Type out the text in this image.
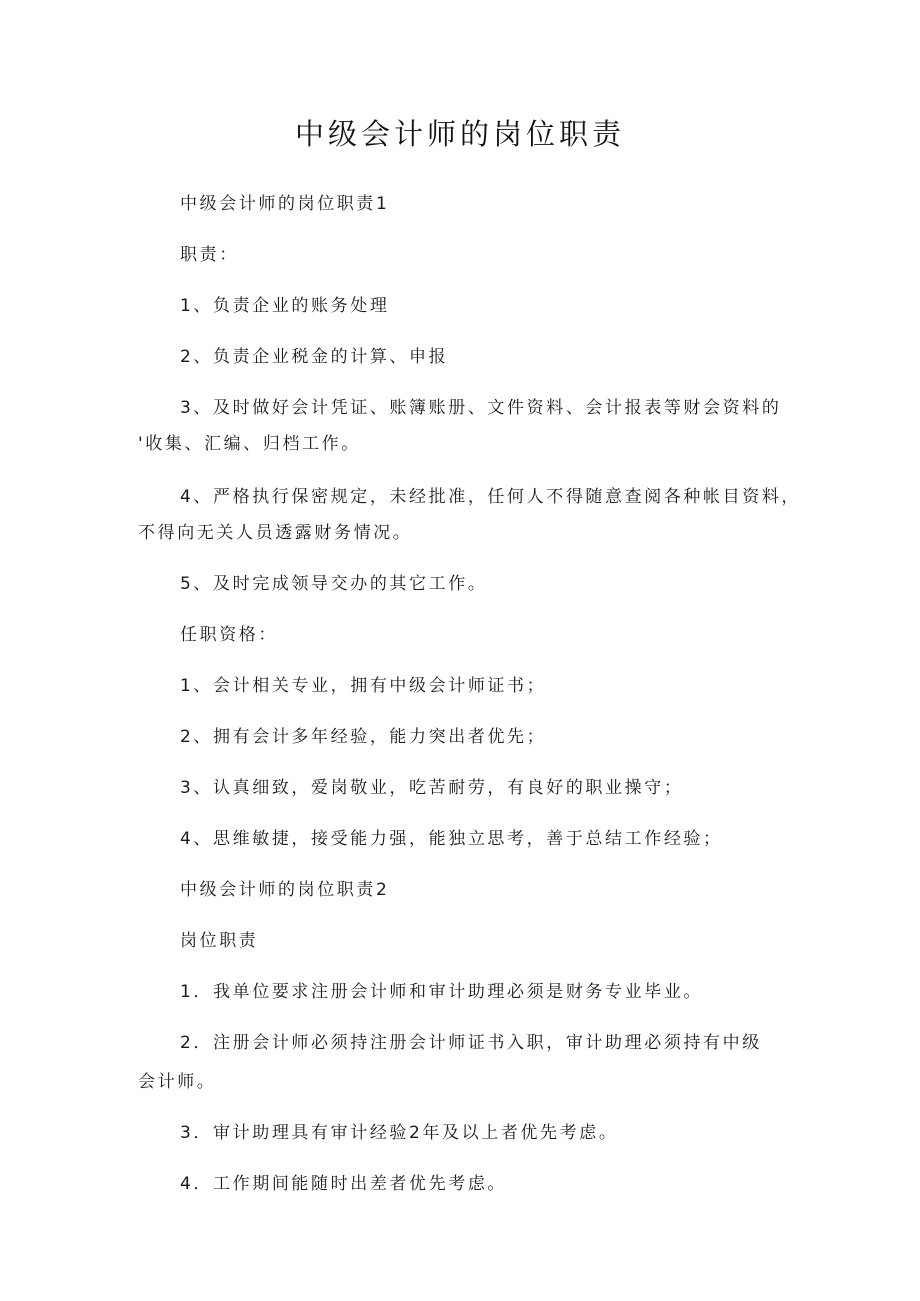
中级会计师的岗位职责
中级会计师的岗位职责1
职责：
1、负责企业的账务处理
2、负责企业税金的计算、申报
3、及时做好会计凭证、账簿账册、文件资料、会计报表等财会资料的
'收集、汇编、归档工作。
4、严格执行保密规定，未经批准，任何人不得随意查阅各种帐目资料，
不得向无关人员透露财务情况。
5、及时完成领导交办的其它工作。
任职资格：
1、会计相关专业，拥有中级会计师证书；
2、拥有会计多年经验，能力突出者优先；
3、认真细致，爱岗敬业，吃苦耐劳，有良好的职业操守；
4、思维敏捷，接受能力强，能独立思考，善于总结工作经验；
中级会计师的岗位职责2
岗位职责
1．我单位要求注册会计师和审计助理必须是财务专业毕业。
2．注册会计师必须持注册会计师证书入职，审计助理必须持有中级
会计师。
3．审计助理具有审计经验2年及以上者优先考虑。
4．工作期间能随时出差者优先考虑。
